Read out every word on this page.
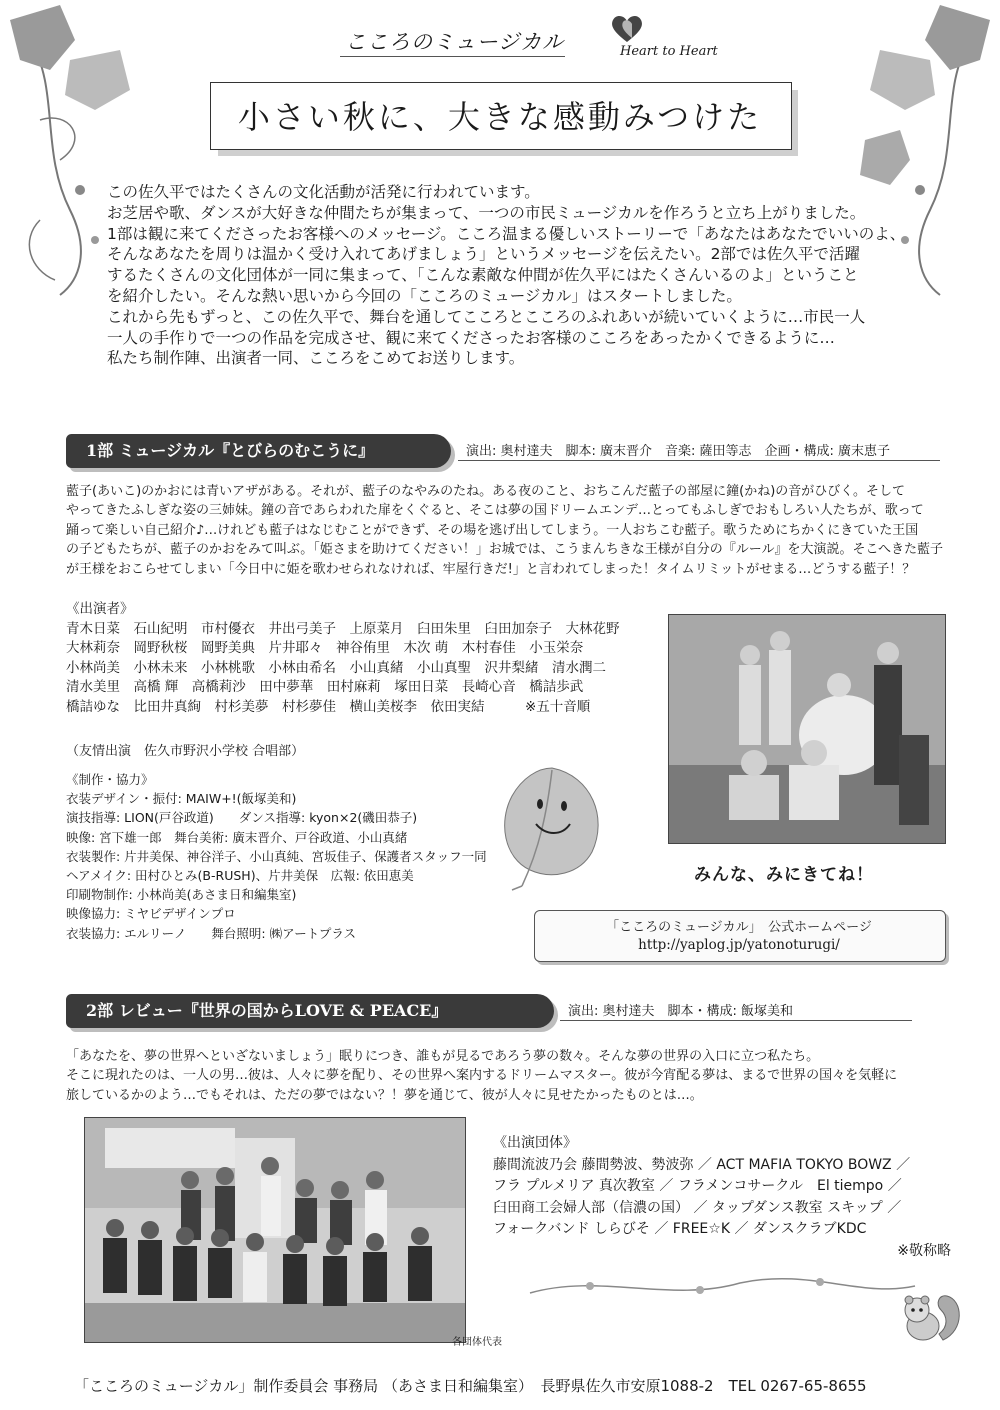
こころのミュージカル	Heart to Heart
小さい秋に、大きな感動みつけた
この佐久平ではたくさんの文化活動が活発に行われています。
お芝居や歌、ダンスが大好きな仲間たちが集まって、一つの市民ミュージカルを作ろうと立ち上がりました。
1部は観に来てくださったお客様へのメッセージ。こころ温まる優しいストーリーで「あなたはあなたでいいのよ、
そんなあなたを周りは温かく受け入れてあげましょう」というメッセージを伝えたい。2部では佐久平で活躍
するたくさんの文化団体が一同に集まって、「こんな素敵な仲間が佐久平にはたくさんいるのよ」ということ
を紹介したい。そんな熱い思いから今回の「こころのミュージカル」はスタートしました。
これから先もずっと、この佐久平で、舞台を通してこころとこころのふれあいが続いていくように…市民一人
一人の手作りで一つの作品を完成させ、観に来てくださったお客様のこころをあったかくできるように…
私たち制作陣、出演者一同、こころをこめてお送りします。
1部 ミュージカル『とびらのむこうに』	演出: 奥村達夫　脚本: 廣末晋介　音楽: 薩田等志　企画・構成: 廣末恵子
藍子(あいこ)のかおには青いアザがある。それが、藍子のなやみのたね。ある夜のこと、おちこんだ藍子の部屋に鐘(かね)の音がひびく。そして
やってきたふしぎな姿の三姉妹。鐘の音であらわれた扉をくぐると、そこは夢の国ドリームエンデ…とってもふしぎでおもしろい人たちが、歌って
踊って楽しい自己紹介♪…けれども藍子はなじむことができず、その場を逃げ出してしまう。一人おちこむ藍子。歌うためにちかくにきていた王国
の子どもたちが、藍子のかおをみて叫ぶ。「姫さまを助けてください！」お城では、こうまんちきな王様が自分の『ルール』を大演説。そこへきた藍子
が王様をおこらせてしまい「今日中に姫を歌わせられなければ、牢屋行きだ!」と言われてしまった！タイムリミットがせまる…どうする藍子！？
《出演者》
青木日菜　石山紀明　市村優衣　井出弓美子　上原菜月　臼田朱里　臼田加奈子　大林花野
大林莉奈　岡野秋桜　岡野美典　片井耶々　神谷侑里　木次 萌　木村春佳　小玉栄奈
小林尚美　小林未来　小林桃歌　小林由希名　小山真緒　小山真聖　沢井梨緒　清水潤二
清水美里　高橋 輝　高橋莉沙　田中夢華　田村麻莉　塚田日菜　長崎心音　橋詰歩武
橋詰ゆな　比田井真絢　村杉美夢　村杉夢佳　横山美桜李　依田実結　　　※五十音順
（友情出演　佐久市野沢小学校 合唱部）
《制作・協力》
衣装デザイン・振付: MAIW+!(飯塚美和)
演技指導: LION(戸谷政道)　　ダンス指導: kyon×2(磯田恭子)
映像: 宮下雄一郎　舞台美術: 廣末晋介、戸谷政道、小山真緒
衣装製作: 片井美保、神谷洋子、小山真純、宮坂佳子、保護者スタッフ一同
ヘアメイク: 田村ひとみ(B-RUSH)、片井美保　広報: 依田恵美
印刷物制作: 小林尚美(あさま日和編集室)
映像協力: ミヤビデザインプロ
衣装協力: エルリーノ　　舞台照明: ㈱アートプラス
みんな、みにきてね！
「こころのミュージカル」　公式ホームページ
http://yaplog.jp/yatonoturugi/
2部 レビュー『世界の国からLOVE & PEACE』	演出: 奥村達夫　脚本・構成: 飯塚美和
「あなたを、夢の世界へといざないましょう」眠りにつき、誰もが見るであろう夢の数々。そんな夢の世界の入口に立つ私たち。
そこに現れたのは、一人の男…彼は、人々に夢を配り、その世界へ案内するドリームマスター。彼が今宵配る夢は、まるで世界の国々を気軽に
旅しているかのよう…でもそれは、ただの夢ではない？！夢を通じて、彼が人々に見せたかったものとは…。
各団体代表
《出演団体》
藤間流波乃会 藤間勢波、勢波弥 ／ ACT MAFIA TOKYO BOWZ ／
フラ プルメリア 真次教室 ／ フラメンコサークル　El tiempo ／
臼田商工会婦人部（信濃の国） ／ タップダンス教室 スキップ ／
フォークバンド しらびそ ／ FREE☆K ／ ダンスクラブKDC
※敬称略
「こころのミュージカル」制作委員会 事務局 （あさま日和編集室）　長野県佐久市安原1088-2　TEL 0267-65-8655
